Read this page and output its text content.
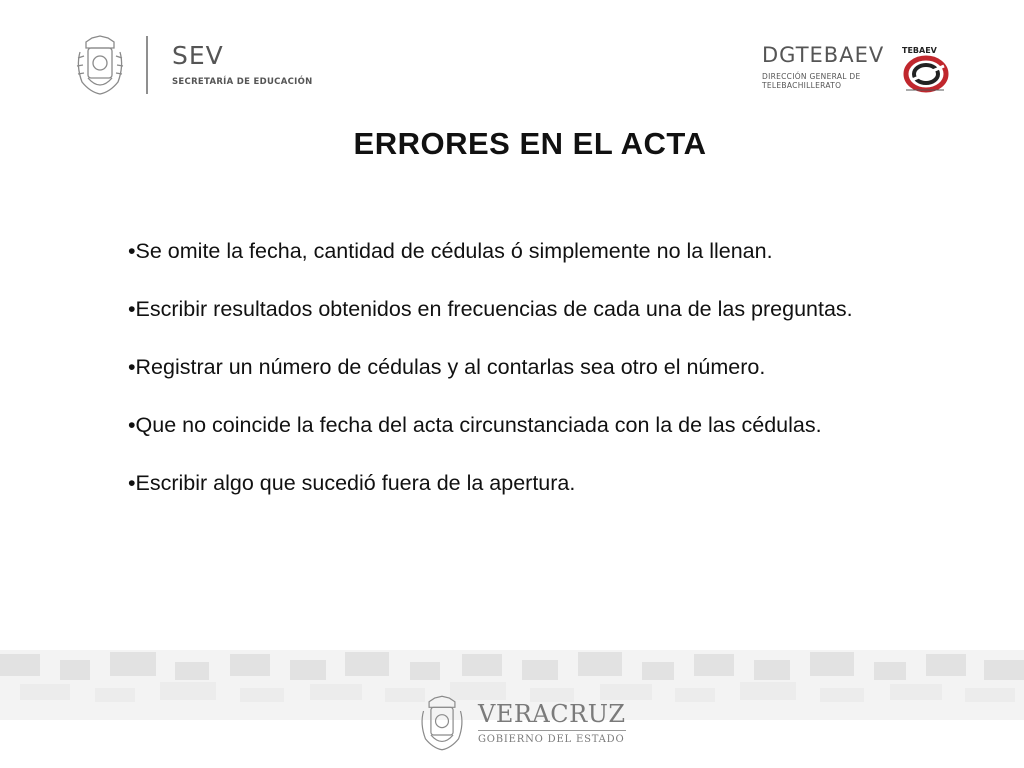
SEV
SECRETARÍA DE EDUCACIÓN
DGTEBAEV
DIRECCIÓN GENERAL DE
TELEBACHILLERATO
TEBAEV
ERRORES EN EL ACTA

•Se omite la fecha, cantidad de cédulas ó simplemente no la llenan.

•Escribir resultados obtenidos en frecuencias de cada una de las preguntas.

•Registrar un número de cédulas y al contarlas sea otro el número.

•Que no coincide la fecha del acta circunstanciada con la de las cédulas.

•Escribir algo que sucedió fuera de la apertura.

VERACRUZ
GOBIERNO DEL ESTADO
